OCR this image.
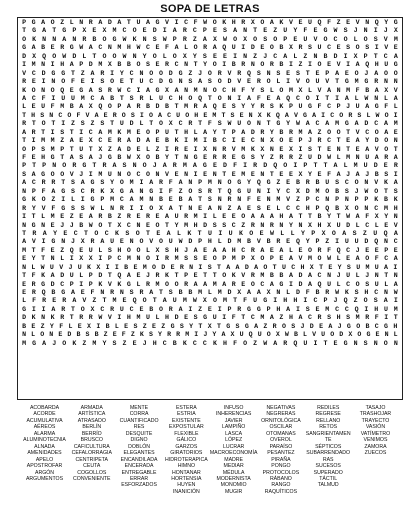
SOPA DE LETRAS
P G A O Z L N R A D A T U A G V I C F W O K H R X O A K V E U Q F Z E V N Q Y G
T G A T G P X E X M C O E D I A R C P E S A N T E Z U Y F E G W S J N I J X
O K N N A N R B O G W K N S W P R Z A X W O X O S O P E U V O C O L O S V M
G A B E R G W A C N M H W C E F A L O R A Q U I D E O B X R S U C E S O S I V E
D X Q O W D L T O O W N Y O L O X Y S E E I N Z J C A L Z N B D I X P T C A
I M N I H A P D M X B B O S E R C N T Y O I B R N O R B I Z I O E V I A Q H U G
V C D G G T Z A R I Y C N O O D G Z J O R V R Q S N S E S T E P A E O J A O O
R E I N O F E I S O E T U C D G N S A S O D V E R O L I V O U V T G M G R N N
K O N O Q E G A S R W C I A G X A N M N O C H F Y S L O M X L V A N M F B A X V
A C F I U U M C A B T S R L U C H O Q T O N I A F E A Q C O I T I A L W N L A
L E U F M B A X Q O P A R B D B T M R A Q E S Y Y R S K P U G F C P J U A G F L
T H S N C O F V A E R O S I O A C U O H E M T S E N X K Q A V G A I C O R S L W O I
R T O T I Z S Z S T U D L T O X C R T F S W U O N T G Y W A C A M G A D C A M
A R T I S T I C A M K M E O P U T H L A Y T P A D R Y B R M A Z O O T V C O A E
T I M M Z A E X C E R A D A E B K I M I B C I E C N X O E P J R C T E A Y D O N
O P S M P T U T X Z A D E L Z I R E I X N R V M K X N E X I S T E N T E A V O T
F E H G T A S A J G B W X O B Y T N G E R R E G S Y Z R R Z U D W L M N U A R A
P T P N O R G T R A S N O J A R M A G E D F I R D Q O I P T T A L M U D E R
S A G O O V J I M U N O C O N V E N I E N T E M E N T E E X Y E F A J A J B S I
A C R R T S A G S Y O M I A R F A N P M N O G Y Q G Z E B R B U S C O N V K A
N P F A G S C R K X G A N G I F Z O S R T Q G U N I Y C X D M O B S J W O T S
G K O Z I L I G P M C A M N B E B A T S N R N F E N M V Z P C N P N P P K B K
R Y V F G S S W L N R I I O X A T N E A N Z A E S E L C C H P Q B X O N C M H
I T L M E Z E A R B Z R E R E A U R M I L E E O A A A H A T T B Y T W A F X Y N
N G N E J J B W O T X C N E O T Y M H D S S C Z R N R N Y N X H X U D L C L E V
T R A Y E C T O C K S O T E A L K T U I U K O E W L L Y P X O A S Z U Q A
A V I G N J X R A U E N O V O U W D P H L D M B V B R E Q Y P Z I U U D Q N C
M T F E Z Q E U L S H O O L X S H J A E A A H C R A E A L E O R F Q C J E E P E
E Y T N L I X X I P C M N O I R M S S E O P M P X O P E A V M O W L E A O F C A
N L W U V J U K X I I B E M O D E R N I S T A A D A O T U C H X T E Y S U M U A I
T F K A D U L P D T Q A E J R K T P E T T O K V R M B B A D A C N J U L J N T N
E R G D C P I P K V K G L R M O O R A A M A R E O C A G I D A Q U L C O S U L A
E R Q B G A E F N R N S R A T S B B M L M D X A A X N L D F B R W K S H C N W
L F R E R A V Z T M E Q O T A U M W X O M T F U G I H H I C P J Q Z O S A I
G I I A R T O X C R U C E B O R A I Z E I P R G G P H A I S E M C C Q I H U M
D K N K R T R R W V I H M U L H D E S G U I F T C M A Z H A C R S H S M R F I T
B E Z Y F L E X I B L E S Z E Z G S Y T X T G S G A Z R O S J D E A J G O B C G H
N L O N E D B S B Z E F Z K S Y R R M I J Y A X U Q U O X W B L V U O D X O G E N L
M G A J O K Z M Y S Z E J H C B K C C K H F O Z W A R Q U I T E G N S N O N
ACOBARDA
ACORDE
ACUMULATIVA
AÉREOS
ALARMA
ALUMINOTECNIA
ALNADA
AMENIDADES
APELO
APOSTROFAR
ARGÓN
ARGUMENTOS
ARMADA
ARTÍSTICA
ATRASADO
BERLÍN
BERRÍO
BRUSCO
CAFICULTURA
CEFALORRAGIA
CENTRIPETA
CEUTA
COGOLLOS
CONVENIENTE
MENTE
CORRA
CUANTIFICADO
RES
DESQUITE
DIGNO
DOBLÓN
ELEGANTES
ENCANDILADA
ENCERADA
ENTREGABLE
ERRAR
ESFORZADOS
ESTERA
ESTRIA
EXISTENTE
EXPOSTULAR
FLEXIBLE
GÁLICO
GARZOS
GIRATORIOS
HIDROTERAPICA
HIMNO
HONTANAR
HORTENSIA
HUYEN
INANICIÓN
INFUSO
INHERENCIAS
JAVIER
LAMPIÑO
LASCA
LÓPEZ
LUCRAR
MACROECONOMÍA
MADRE
MEDIAR
MÉDULA
MODERNISTA
MONOMIO
MUGIR
NEGATIVAS
NEGRERAS
ORNITOLÓGICA
OSCILAR
OTOMANAS
OVEROL
PARAÍSO
PESANTEZ
PIRAÑA
PONGO
PROTOCOLOS
RÁBANO
RANGO
RAQUÍTICOS
REDILES
REGRESE
RELLANO
RETOS
SANGRIENTAMEN
TE
SÉPTICOS
SUBARRENDADO
RAS
SUCESOS
SUPERADO
TÁCTIL
TALMUD
TASAJO
TRASHOJAR
TRAYECTO
VASIÓN
VATÍMETRO
VENIMOS
ZAMORA
ZUECOS
